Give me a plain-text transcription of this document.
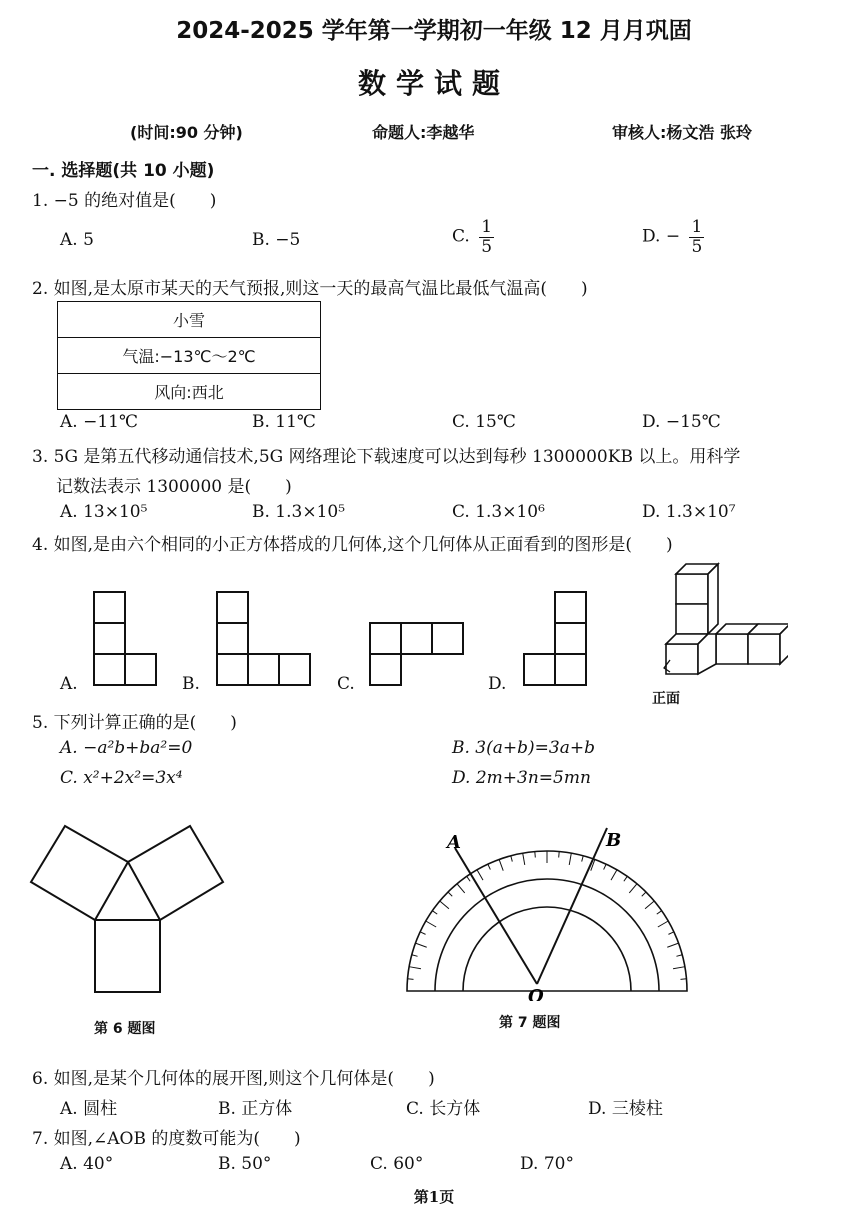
2024-2025 学年第一学期初一年级 12 月月巩固
数学试题
(时间:90 分钟)	命题人:李越华	审核人:杨文浩 张玲
一. 选择题(共 10 小题)
1. −5 的绝对值是(　　)
A. 5	B. −5	C. $\frac{1}{5}$	D. − $\frac{1}{5}$
2. 如图,是太原市某天的天气预报,则这一天的最高气温比最低气温高(　　)
小雪
气温:−13℃～2℃
风向:西北
A. −11℃	B. 11℃	C. 15℃	D. −15℃
3. 5G 是第五代移动通信技术,5G 网络理论下载速度可以达到每秒 1300000KB 以上。用科学
记数法表示 1300000 是(　　)
A. 13×10⁵	B. 1.3×10⁵	C. 1.3×10⁶	D. 1.3×10⁷
4. 如图,是由六个相同的小正方体搭成的几何体,这个几何体从正面看到的图形是(　　)
A.	B.	C.	D.
正面
5. 下列计算正确的是(　　)
A. −a²b+ba²=0	B. 3(a+b)=3a+b
C. x²+2x²=3x⁴	D. 2m+3n=5mn
第 6 题图
A	B
O
第 7 题图
6. 如图,是某个几何体的展开图,则这个几何体是(　　)
A. 圆柱	B. 正方体	C. 长方体	D. 三棱柱
7. 如图,∠AOB 的度数可能为(　　)
A. 40°	B. 50°	C. 60°	D. 70°
第1页
